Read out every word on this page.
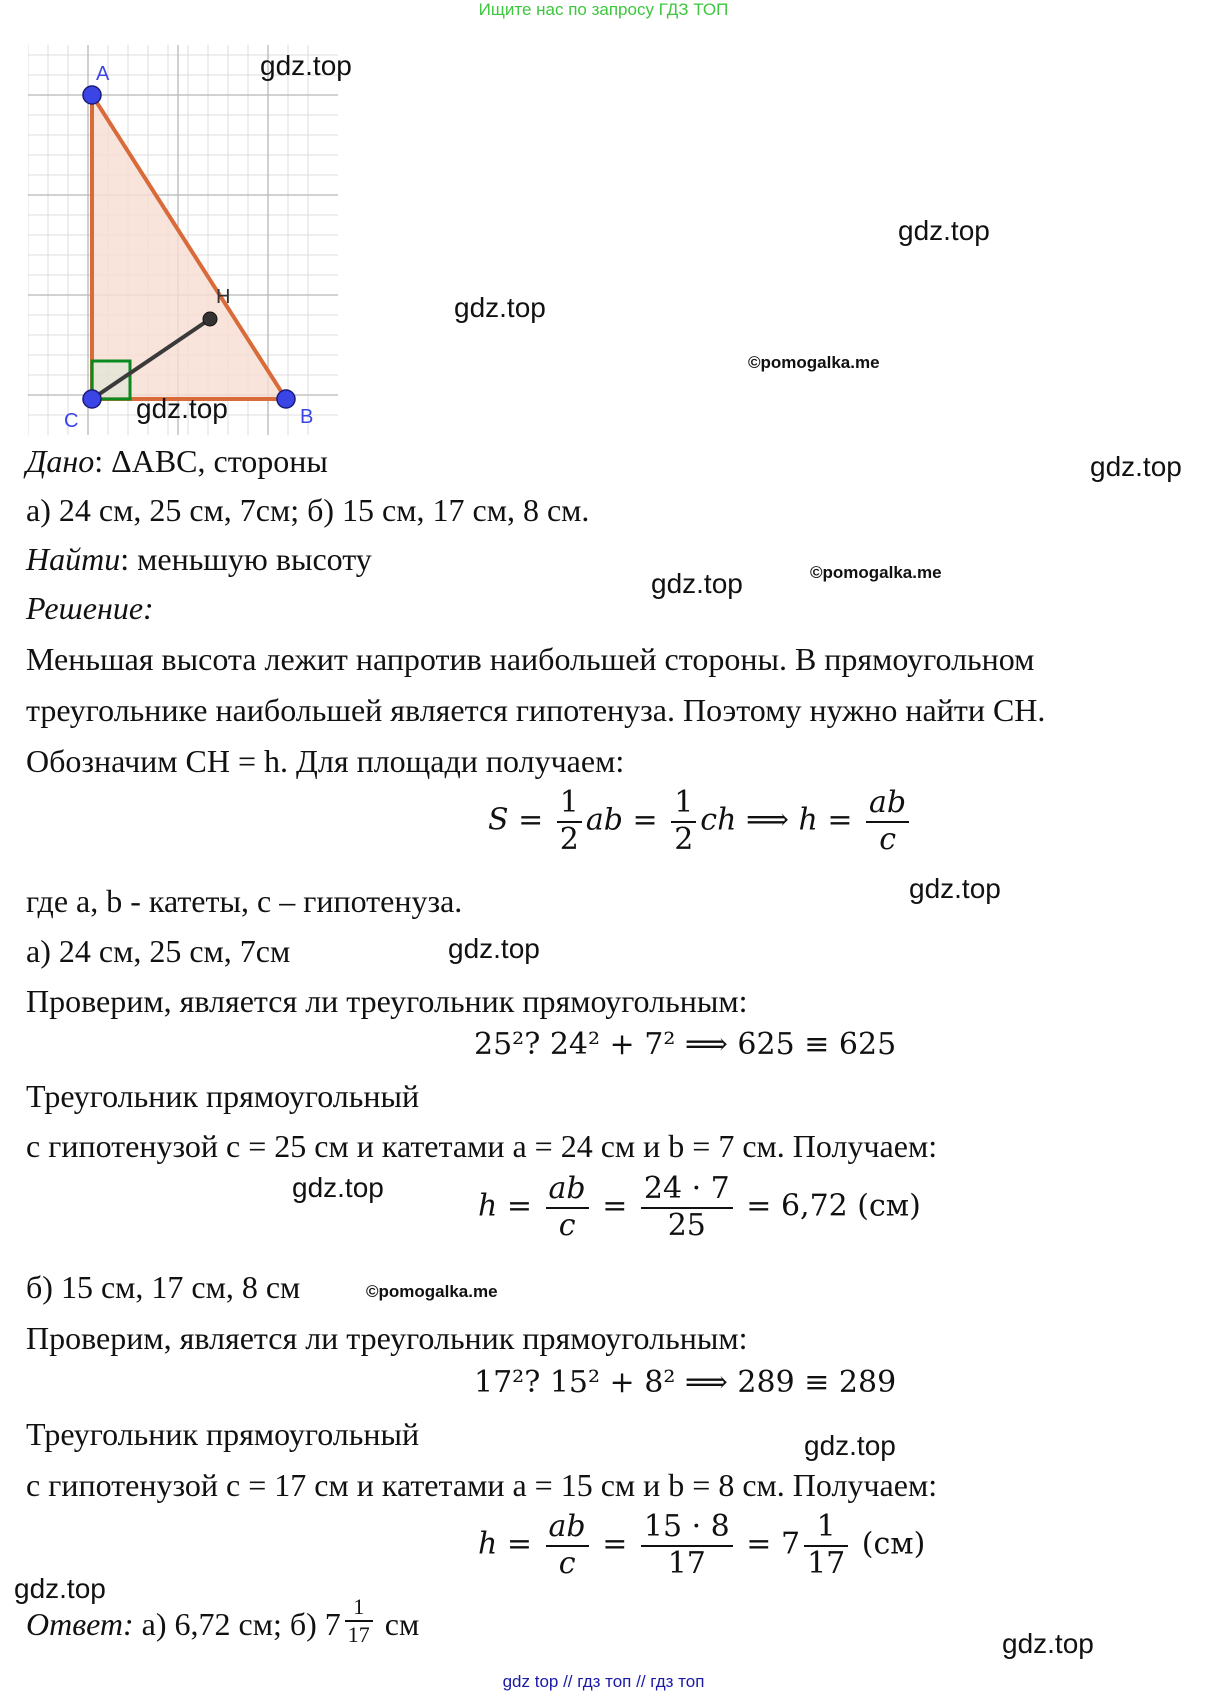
Ищите нас по запросу ГДЗ ТОП
A
H
C	B
gdz.top
gdz.top
gdz.top
©pomogalka.me
gdz.top
gdz.top
gdz.top	©pomogalka.me
gdz.top
gdz.top
gdz.top
©pomogalka.me
gdz.top
gdz.top
gdz.top
Дано: ΔABC, стороны
а) 24 см, 25 см, 7см; б) 15 см, 17 см, 8 см.
Найти: меньшую высоту
Решение:
Меньшая высота лежит напротив наибольшей стороны. В прямоугольном
треугольнике наибольшей является гипотенуза. Поэтому нужно найти CH.
Обозначим CH = h. Для площади получаем:
$S = \frac{1}{2}$ ab = $\frac{1}{2}$ ch ⟹ $h = \frac{ab}{c}$
где a, b - катеты, c – гипотенуза.
а) 24 см, 25 см, 7см
Проверим, является ли треугольник прямоугольным:
25²? 24² + 7² ⟹ 625 ≡ 625
Треугольник прямоугольный
с гипотенузой c = 25 см и катетами a = 24 см и b = 7 см. Получаем:
$h = \frac{ab}{c} = \frac{24 \cdot 7}{25} = 6,72$ (см)
б) 15 см, 17 см, 8 см
Проверим, является ли треугольник прямоугольным:
17²? 15² + 8² ⟹ 289 ≡ 289
Треугольник прямоугольный
с гипотенузой c = 17 см и катетами a = 15 см и b = 8 см. Получаем:
$h = \frac{ab}{c} = \frac{15 \cdot 8}{17} = 7 \frac{1}{17} (см)$
Ответ: а) 6,72 см; б) $7 \frac{1}{17}$ см
gdz top // гдз топ // гдз топ
